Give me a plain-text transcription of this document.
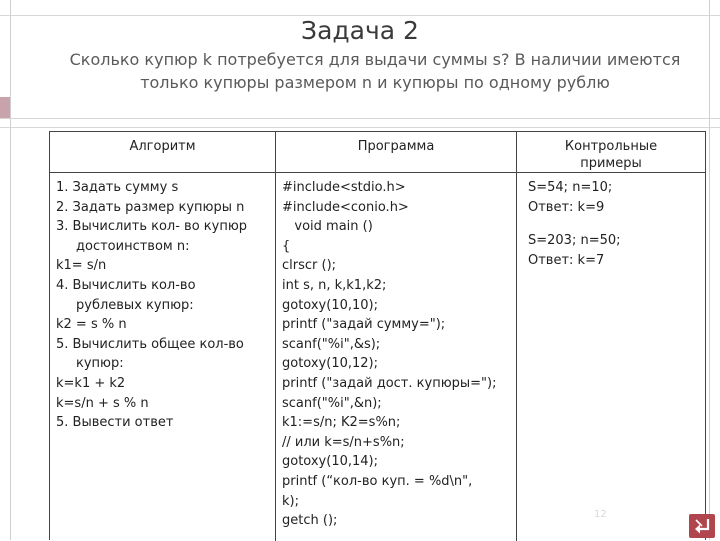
Задача 2
Сколько купюр k потребуется для выдачи суммы s? В наличии имеются
только купюры размером n и купюры по одному рублю
Алгоритм	Программа	Контрольные
примеры
1. Задать сумму s
2. Задать размер купюры n
3. Вычислить кол- во купюр
достоинством n:
k1= s/n
4. Вычислить кол-во
рублевых купюр:
k2 = s % n
5. Вычислить общее кол-во
купюр:
k=k1 + k2
k=s/n + s % n
5. Вывести ответ
#include<stdio.h>
#include<conio.h>
void main ()
{
clrscr ();
int s, n, k,k1,k2;
gotoxy(10,10);
printf ("задай сумму=");
scanf("%i",&s);
gotoxy(10,12);
printf ("задай дост. купюры=");
scanf("%i",&n);
k1:=s/n; K2=s%n;
// или k=s/n+s%n;
gotoxy(10,14);
printf (“кол-во куп. = %d\n",
k);
getch ();
S=54; n=10;
Ответ: k=9
S=203; n=50;
Ответ: k=7
12
